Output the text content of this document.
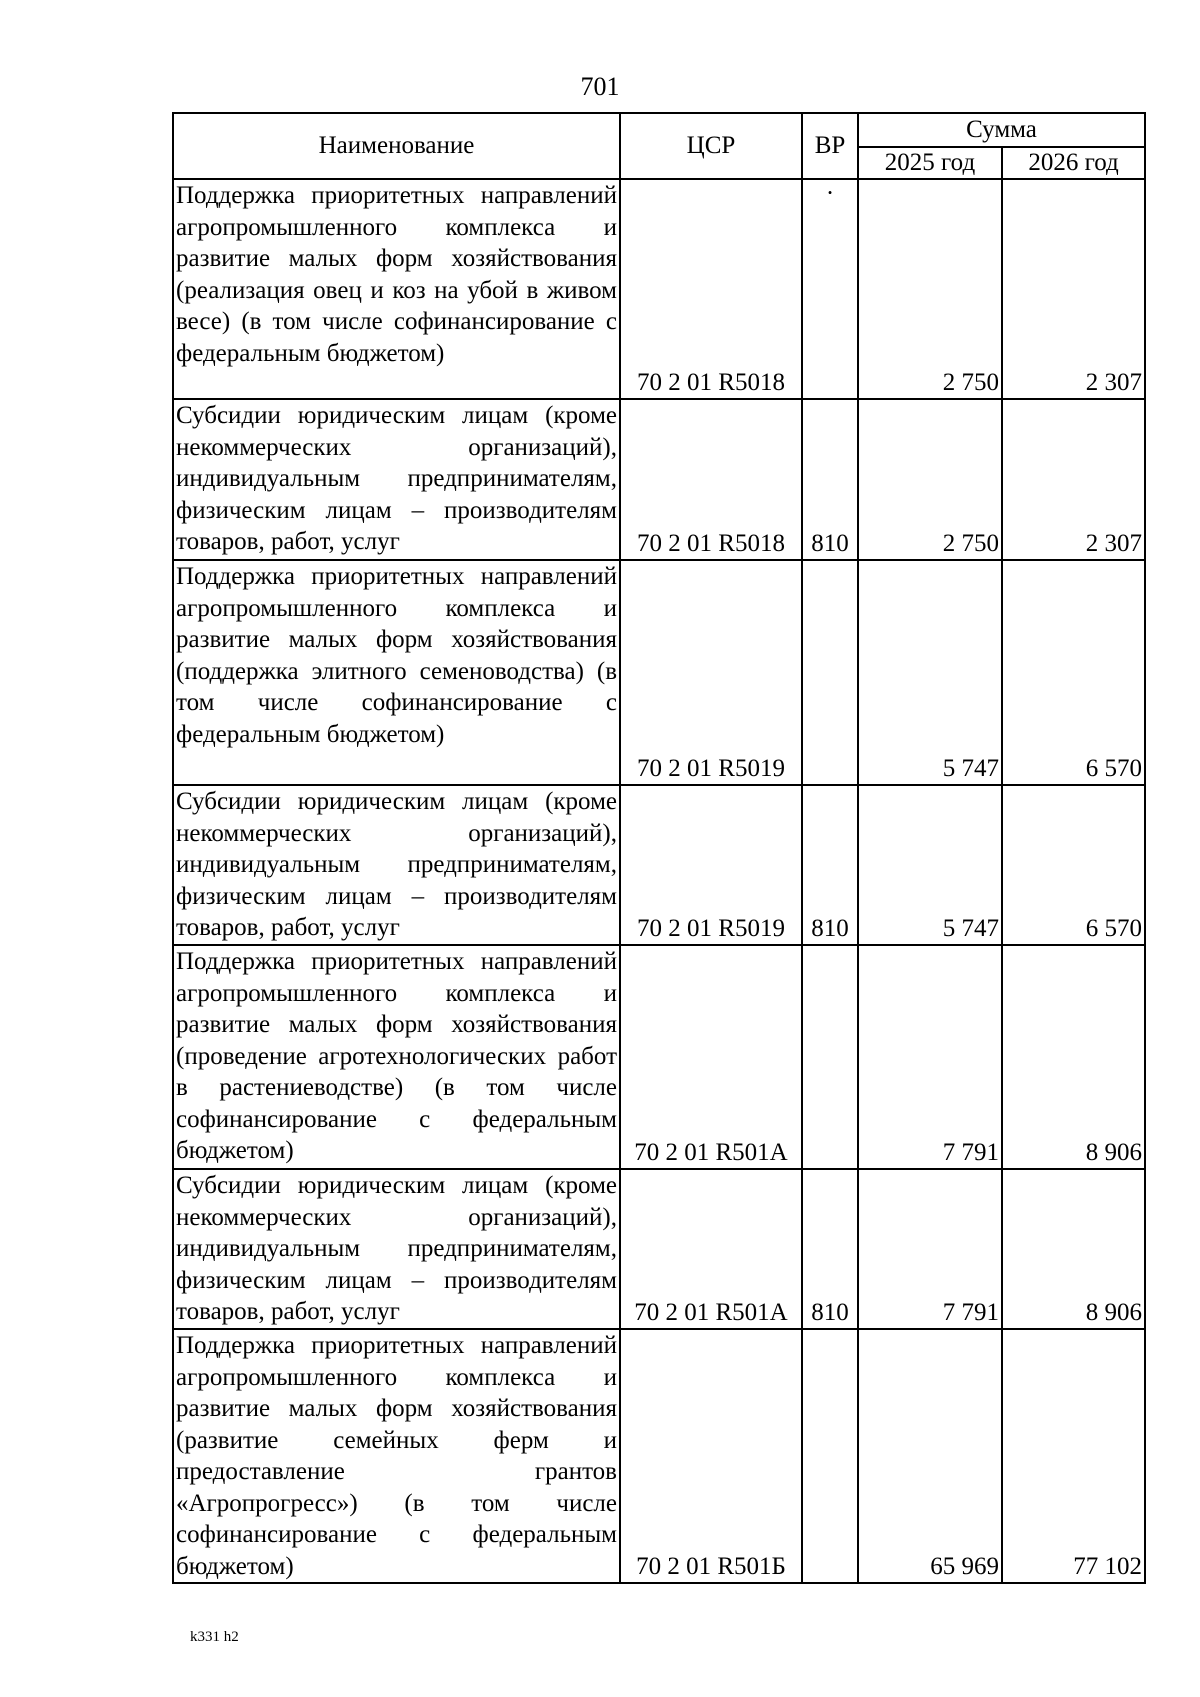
701
Наименование	ЦСР	ВР	Сумма	
			2025 год	2026 год
Поддержка приоритетных направлений агропромышленного комплекса и развитие малых форм хозяйствования (реализация овец и коз на убой в живом весе) (в том числе софинансирование с федеральным бюджетом)	70 2 01 R5018	·	2 750	2 307
Субсидии юридическим лицам (кроме некоммерческих организаций), индивидуальным предпринимателям, физическим лицам – производителям товаров, работ, услуг	70 2 01 R5018	810	2 750	2 307
Поддержка приоритетных направлений агропромышленного комплекса и развитие малых форм хозяйствования (поддержка элитного семеноводства) (в том числе софинансирование с федеральным бюджетом)	70 2 01 R5019		5 747	6 570
Субсидии юридическим лицам (кроме некоммерческих организаций), индивидуальным предпринимателям, физическим лицам – производителям товаров, работ, услуг	70 2 01 R5019	810	5 747	6 570
Поддержка приоритетных направлений агропромышленного комплекса и развитие малых форм хозяйствования (проведение агротехнологических работ в растениеводстве) (в том числе софинансирование с федеральным бюджетом)	70 2 01 R501A		7 791	8 906
Субсидии юридическим лицам (кроме некоммерческих организаций), индивидуальным предпринимателям, физическим лицам – производителям товаров, работ, услуг	70 2 01 R501A	810	7 791	8 906
Поддержка приоритетных направлений агропромышленного комплекса и развитие малых форм хозяйствования (развитие семейных ферм и предоставление грантов «Агропрогресс») (в том числе софинансирование с федеральным бюджетом)	70 2 01 R501Б		65 969	77 102
k331 h2
